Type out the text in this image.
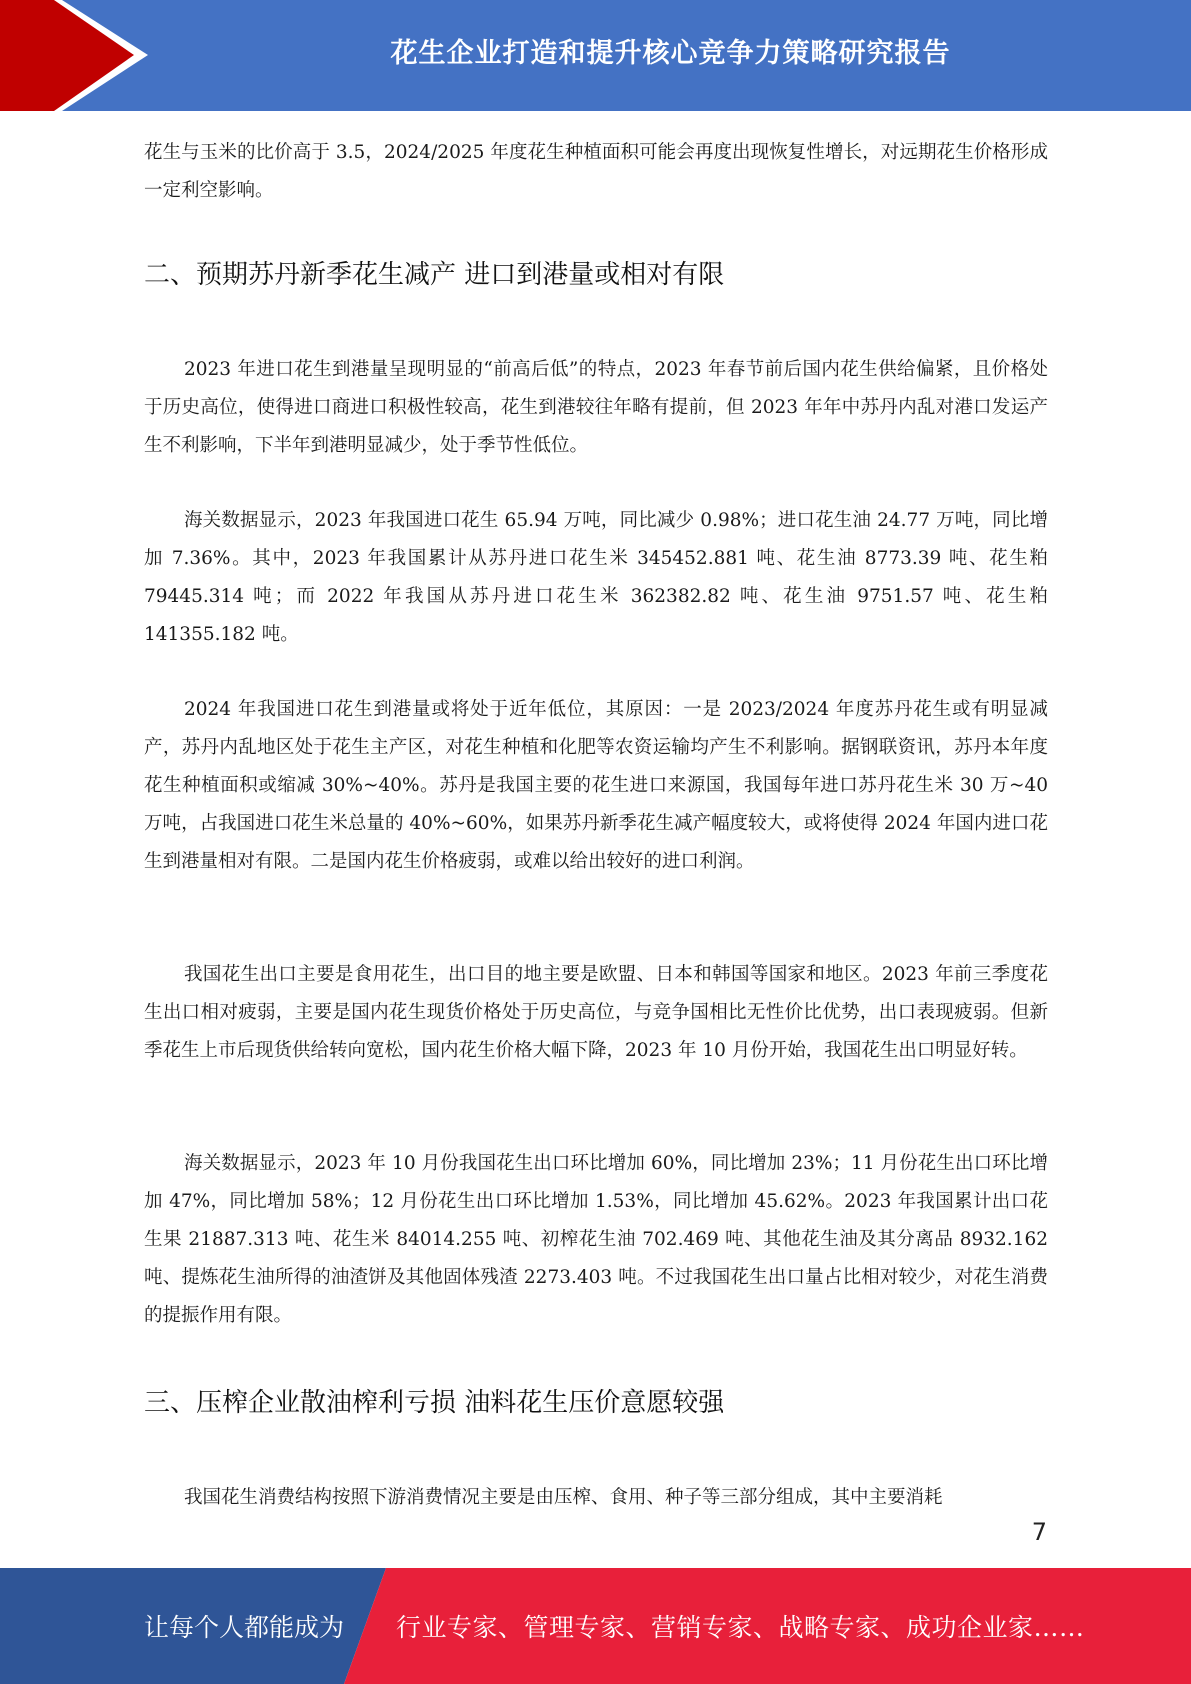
花生企业打造和提升核心竞争力策略研究报告

花生与玉米的比价高于 3.5，2024/2025 年度花生种植面积可能会再度出现恢复性增长，对远期花生价格形成一定利空影响。

二、预期苏丹新季花生减产 进口到港量或相对有限

2023 年进口花生到港量呈现明显的“前高后低”的特点，2023 年春节前后国内花生供给偏紧，且价格处于历史高位，使得进口商进口积极性较高，花生到港较往年略有提前，但 2023 年年中苏丹内乱对港口发运产生不利影响，下半年到港明显减少，处于季节性低位。

海关数据显示，2023 年我国进口花生 65.94 万吨，同比减少 0.98%；进口花生油 24.77 万吨，同比增加 7.36%。其中，2023 年我国累计从苏丹进口花生米 345452.881 吨、花生油 8773.39 吨、花生粕 79445.314 吨；而 2022 年我国从苏丹进口花生米 362382.82 吨、花生油 9751.57 吨、花生粕 141355.182 吨。

2024 年我国进口花生到港量或将处于近年低位，其原因：一是 2023/2024 年度苏丹花生或有明显减产，苏丹内乱地区处于花生主产区，对花生种植和化肥等农资运输均产生不利影响。据钢联资讯，苏丹本年度花生种植面积或缩减 30%~40%。苏丹是我国主要的花生进口来源国，我国每年进口苏丹花生米 30 万~40 万吨，占我国进口花生米总量的 40%~60%，如果苏丹新季花生减产幅度较大，或将使得 2024 年国内进口花生到港量相对有限。二是国内花生价格疲弱，或难以给出较好的进口利润。

我国花生出口主要是食用花生，出口目的地主要是欧盟、日本和韩国等国家和地区。2023 年前三季度花生出口相对疲弱，主要是国内花生现货价格处于历史高位，与竞争国相比无性价比优势，出口表现疲弱。但新季花生上市后现货供给转向宽松，国内花生价格大幅下降，2023 年 10 月份开始，我国花生出口明显好转。

海关数据显示，2023 年 10 月份我国花生出口环比增加 60%，同比增加 23%；11 月份花生出口环比增加 47%，同比增加 58%；12 月份花生出口环比增加 1.53%，同比增加 45.62%。2023 年我国累计出口花生果 21887.313 吨、花生米 84014.255 吨、初榨花生油 702.469 吨、其他花生油及其分离品 8932.162 吨、提炼花生油所得的油渣饼及其他固体残渣 2273.403 吨。不过我国花生出口量占比相对较少，对花生消费的提振作用有限。

三、压榨企业散油榨利亏损 油料花生压价意愿较强

我国花生消费结构按照下游消费情况主要是由压榨、食用、种子等三部分组成，其中主要消耗

7
让每个人都能成为 行业专家、管理专家、营销专家、战略专家、成功企业家……
